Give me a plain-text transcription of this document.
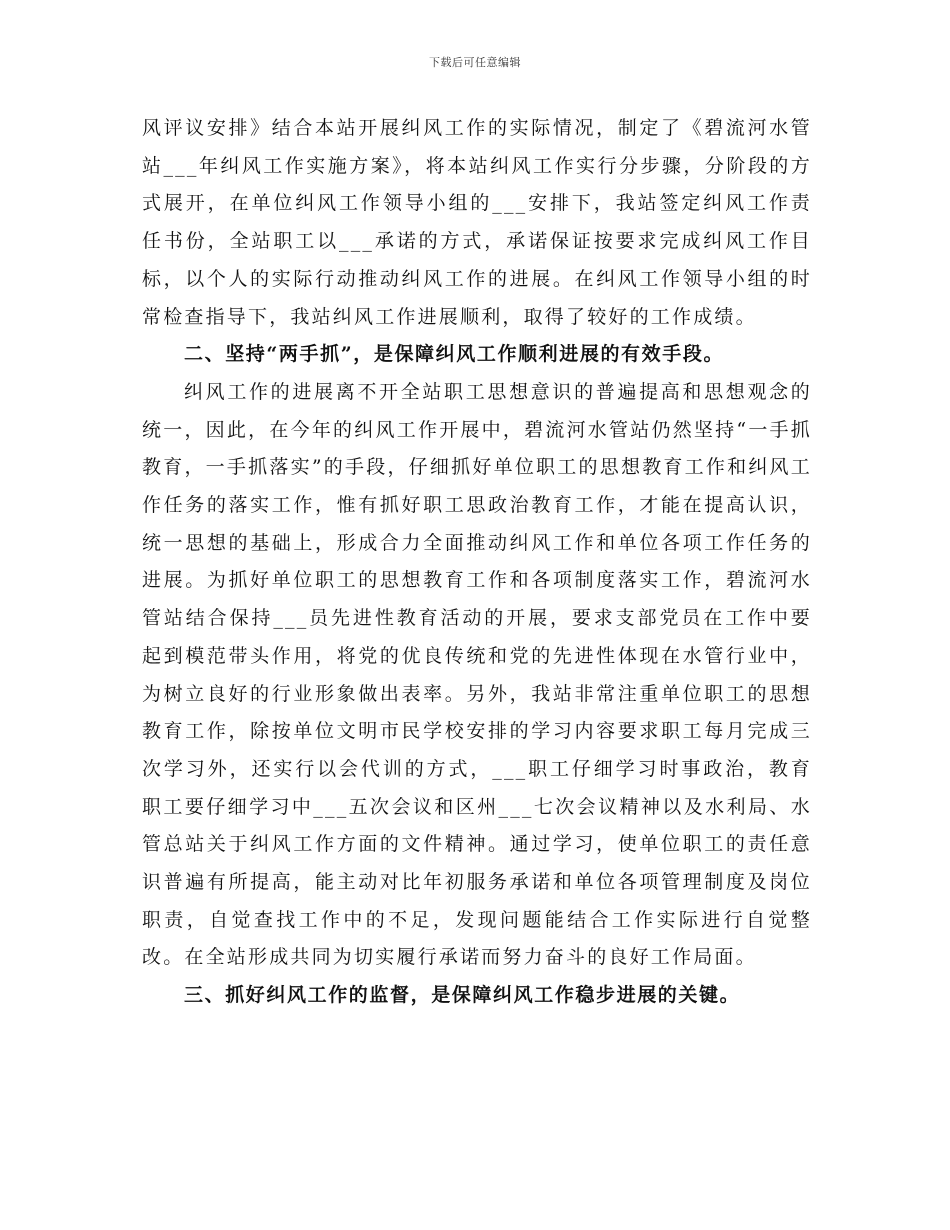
下载后可任意编辑

风评议安排》结合本站开展纠风工作的实际情况，制定了《碧流河水管站___年纠风工作实施方案》，将本站纠风工作实行分步骤，分阶段的方式展开，在单位纠风工作领导小组的___安排下，我站签定纠风工作责任书份，全站职工以___承诺的方式，承诺保证按要求完成纠风工作目标，以个人的实际行动推动纠风工作的进展。在纠风工作领导小组的时常检查指导下，我站纠风工作进展顺利，取得了较好的工作成绩。

二、坚持“两手抓”，是保障纠风工作顺利进展的有效手段。

纠风工作的进展离不开全站职工思想意识的普遍提高和思想观念的统一，因此，在今年的纠风工作开展中，碧流河水管站仍然坚持“一手抓教育，一手抓落实”的手段，仔细抓好单位职工的思想教育工作和纠风工作任务的落实工作，惟有抓好职工思政治教育工作，才能在提高认识，统一思想的基础上，形成合力全面推动纠风工作和单位各项工作任务的进展。为抓好单位职工的思想教育工作和各项制度落实工作，碧流河水管站结合保持___员先进性教育活动的开展，要求支部党员在工作中要起到模范带头作用，将党的优良传统和党的先进性体现在水管行业中，为树立良好的行业形象做出表率。另外，我站非常注重单位职工的思想教育工作，除按单位文明市民学校安排的学习内容要求职工每月完成三次学习外，还实行以会代训的方式，___职工仔细学习时事政治，教育职工要仔细学习中___五次会议和区州___七次会议精神以及水利局、水管总站关于纠风工作方面的文件精神。通过学习，使单位职工的责任意识普遍有所提高，能主动对比年初服务承诺和单位各项管理制度及岗位职责，自觉查找工作中的不足，发现问题能结合工作实际进行自觉整改。在全站形成共同为切实履行承诺而努力奋斗的良好工作局面。

三、抓好纠风工作的监督，是保障纠风工作稳步进展的关键。
